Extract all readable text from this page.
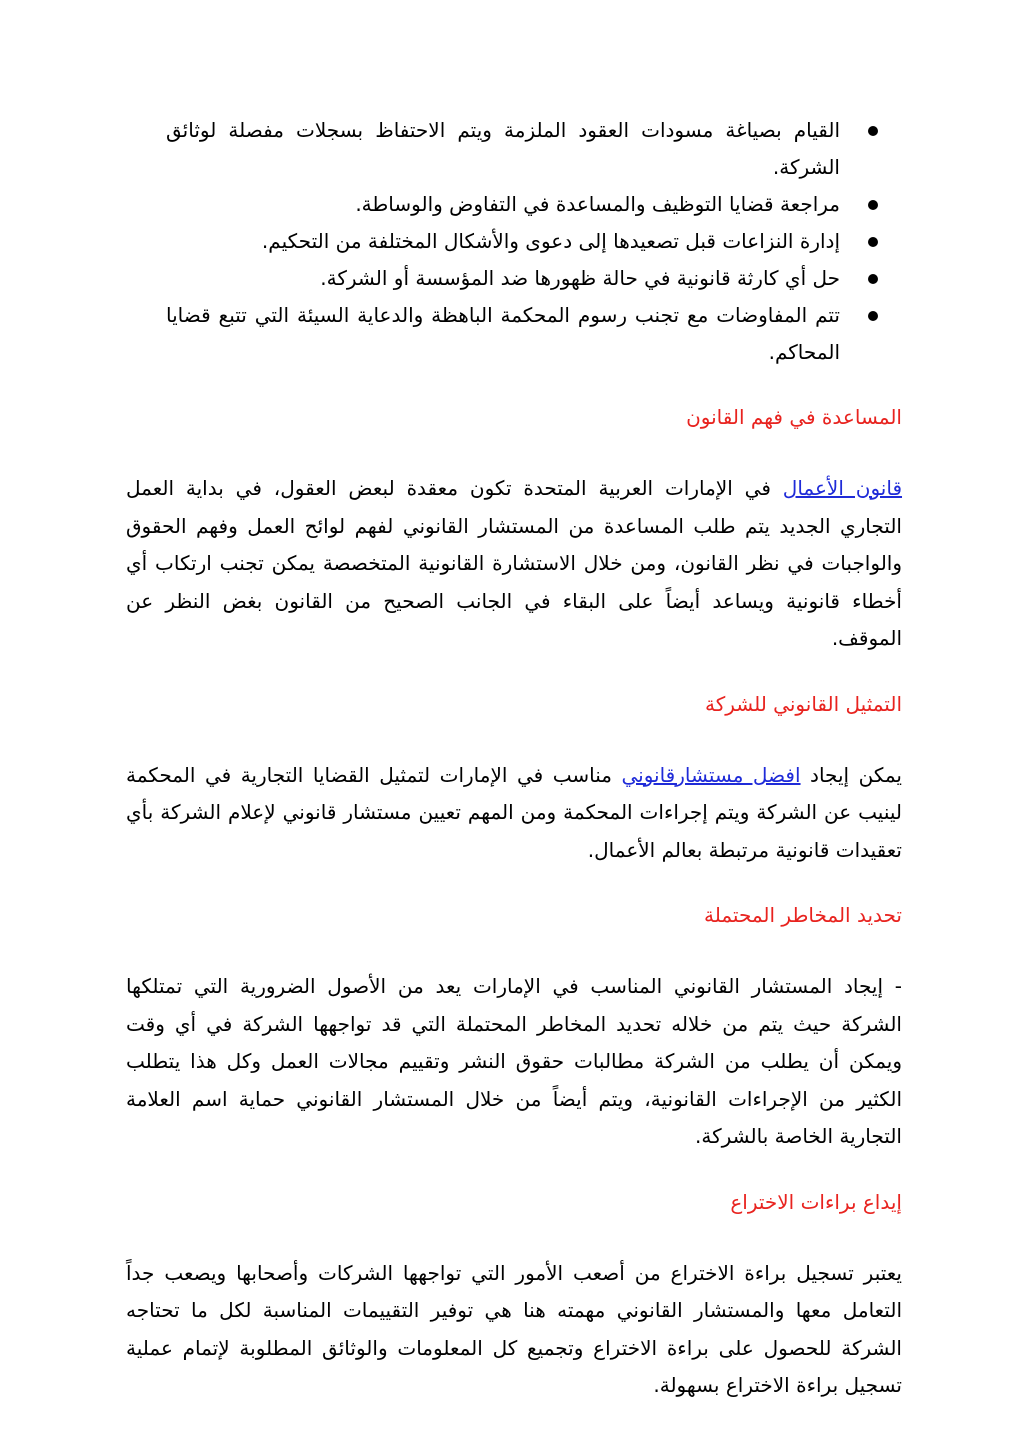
القيام بصياغة مسودات العقود الملزمة ويتم الاحتفاظ بسجلات مفصلة لوثائق الشركة.
مراجعة قضايا التوظيف والمساعدة في التفاوض والوساطة.
إدارة النزاعات قبل تصعيدها إلى دعوى والأشكال المختلفة من التحكيم.
حل أي كارثة قانونية في حالة ظهورها ضد المؤسسة أو الشركة.
تتم المفاوضات مع تجنب رسوم المحكمة الباهظة والدعاية السيئة التي تتبع قضايا المحاكم.
المساعدة في فهم القانون

قانون الأعمال في الإمارات العربية المتحدة تكون معقدة لبعض العقول، في بداية العمل التجاري الجديد يتم طلب المساعدة من المستشار القانوني لفهم لوائح العمل وفهم الحقوق والواجبات في نظر القانون، ومن خلال الاستشارة القانونية المتخصصة يمكن تجنب ارتكاب أي أخطاء قانونية ويساعد أيضاً على البقاء في الجانب الصحيح من القانون بغض النظر عن الموقف.

التمثيل القانوني للشركة

يمكن إيجاد افضل مستشارقانوني مناسب في الإمارات لتمثيل القضايا التجارية في المحكمة لينيب عن الشركة ويتم إجراءات المحكمة ومن المهم تعيين مستشار قانوني لإعلام الشركة بأي تعقيدات قانونية مرتبطة بعالم الأعمال.

تحديد المخاطر المحتملة

- إيجاد المستشار القانوني المناسب في الإمارات يعد من الأصول الضرورية التي تمتلكها الشركة حيث يتم من خلاله تحديد المخاطر المحتملة التي قد تواجهها الشركة في أي وقت ويمكن أن يطلب من الشركة مطالبات حقوق النشر وتقييم مجالات العمل وكل هذا يتطلب الكثير من الإجراءات القانونية، ويتم أيضاً من خلال المستشار القانوني حماية اسم العلامة التجارية الخاصة بالشركة.

إيداع براءات الاختراع

يعتبر تسجيل براءة الاختراع من أصعب الأمور التي تواجهها الشركات وأصحابها ويصعب جداً التعامل معها والمستشار القانوني مهمته هنا هي توفير التقييمات المناسبة لكل ما تحتاجه الشركة للحصول على براءة الاختراع وتجميع كل المعلومات والوثائق المطلوبة لإتمام عملية تسجيل براءة الاختراع بسهولة.
